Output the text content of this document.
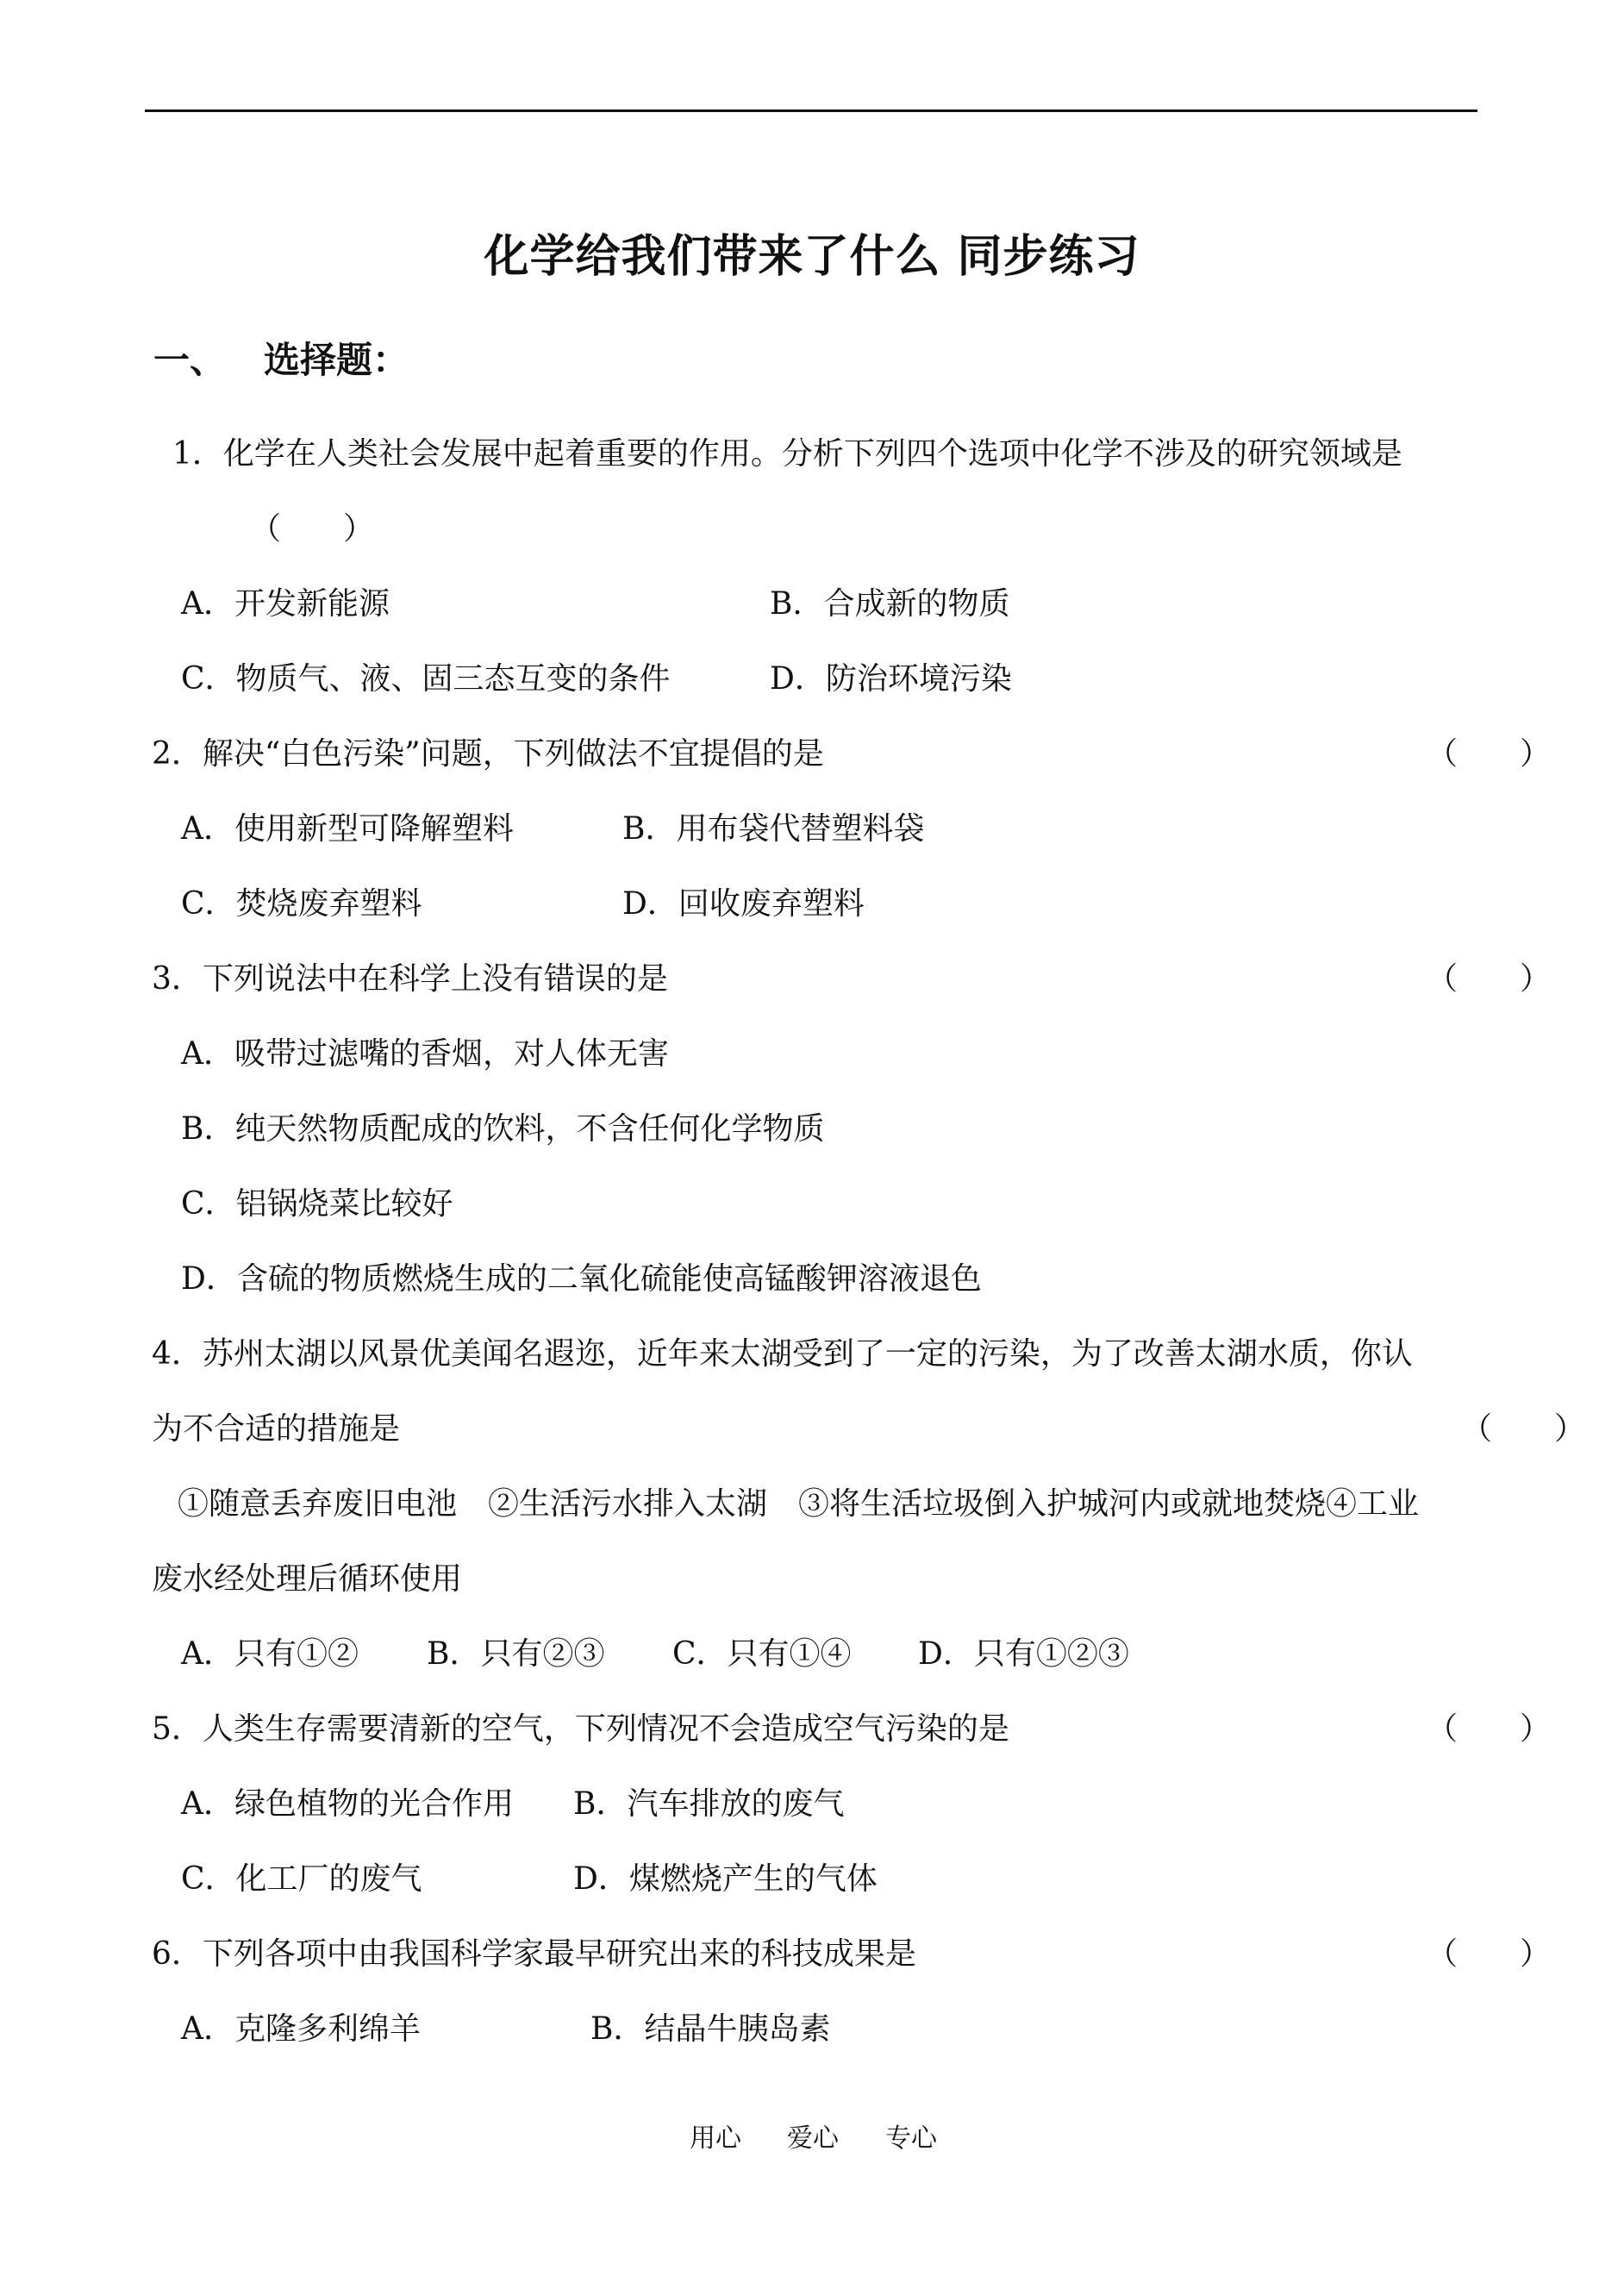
化学给我们带来了什么 同步练习
一、 选择题：
1．化学在人类社会发展中起着重要的作用。分析下列四个选项中化学不涉及的研究领域是
（　　）
A．开发新能源	B．合成新的物质
C．物质气、液、固三态互变的条件	D．防治环境污染
2．解决“白色污染”问题，下列做法不宜提倡的是	（　　）
A．使用新型可降解塑料	B．用布袋代替塑料袋
C．焚烧废弃塑料	D．回收废弃塑料
3．下列说法中在科学上没有错误的是	（　　）
A．吸带过滤嘴的香烟，对人体无害
B．纯天然物质配成的饮料，不含任何化学物质
C．铝锅烧菜比较好
D．含硫的物质燃烧生成的二氧化硫能使高锰酸钾溶液退色
4．苏州太湖以风景优美闻名遐迩，近年来太湖受到了一定的污染，为了改善太湖水质，你认
为不合适的措施是	（　　）
①随意丢弃废旧电池　②生活污水排入太湖　③将生活垃圾倒入护城河内或就地焚烧④工业
废水经处理后循环使用
A．只有①② B．只有②③ C．只有①④ D．只有①②③
5．人类生存需要清新的空气，下列情况不会造成空气污染的是	（　　）
A．绿色植物的光合作用 B．汽车排放的废气
C．化工厂的废气	D．煤燃烧产生的气体
6．下列各项中由我国科学家最早研究出来的科技成果是	（　　）
A．克隆多利绵羊	B．结晶牛胰岛素
用心 爱心 专心
